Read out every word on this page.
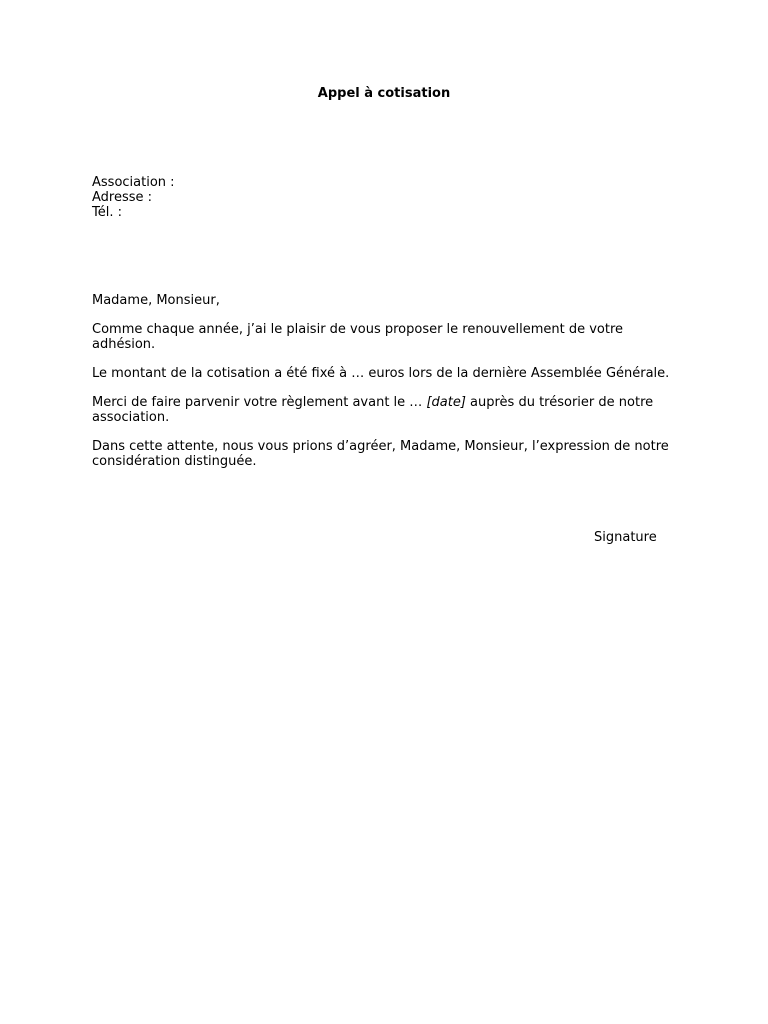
Appel à cotisation
Association :
Adresse :
Tél. :

Madame, Monsieur,

Comme chaque année, j’ai le plaisir de vous proposer le renouvellement de votre adhésion.

Le montant de la cotisation a été fixé à … euros lors de la dernière Assemblée Générale.

Merci de faire parvenir votre règlement avant le … [date] auprès du trésorier de notre association.

Dans cette attente, nous vous prions d’agréer, Madame, Monsieur, l’expression de notre considération distinguée.

Signature
